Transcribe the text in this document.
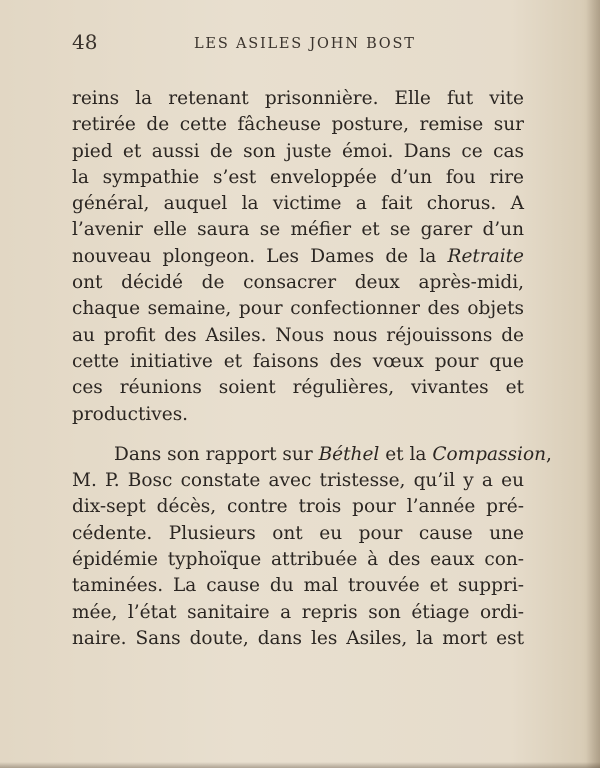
48	LES ASILES JOHN BOST
reins la retenant prisonnière. Elle fut vite
retirée de cette fâcheuse posture, remise sur
pied et aussi de son juste émoi. Dans ce cas
la sympathie s’est enveloppée d’un fou rire
général, auquel la victime a fait chorus. A
l’avenir elle saura se méfier et se garer d’un
nouveau plongeon. Les Dames de la Retraite
ont décidé de consacrer deux après-midi,
chaque semaine, pour confectionner des objets
au profit des Asiles. Nous nous réjouissons de
cette initiative et faisons des vœux pour que
ces réunions soient régulières, vivantes et
productives.
Dans son rapport sur Béthel et la Compassion,
M. P. Bosc constate avec tristesse, qu’il y a eu
dix-sept décès, contre trois pour l’année pré-
cédente. Plusieurs ont eu pour cause une
épidémie typhoïque attribuée à des eaux con-
taminées. La cause du mal trouvée et suppri-
mée, l’état sanitaire a repris son étiage ordi-
naire. Sans doute, dans les Asiles, la mort est
